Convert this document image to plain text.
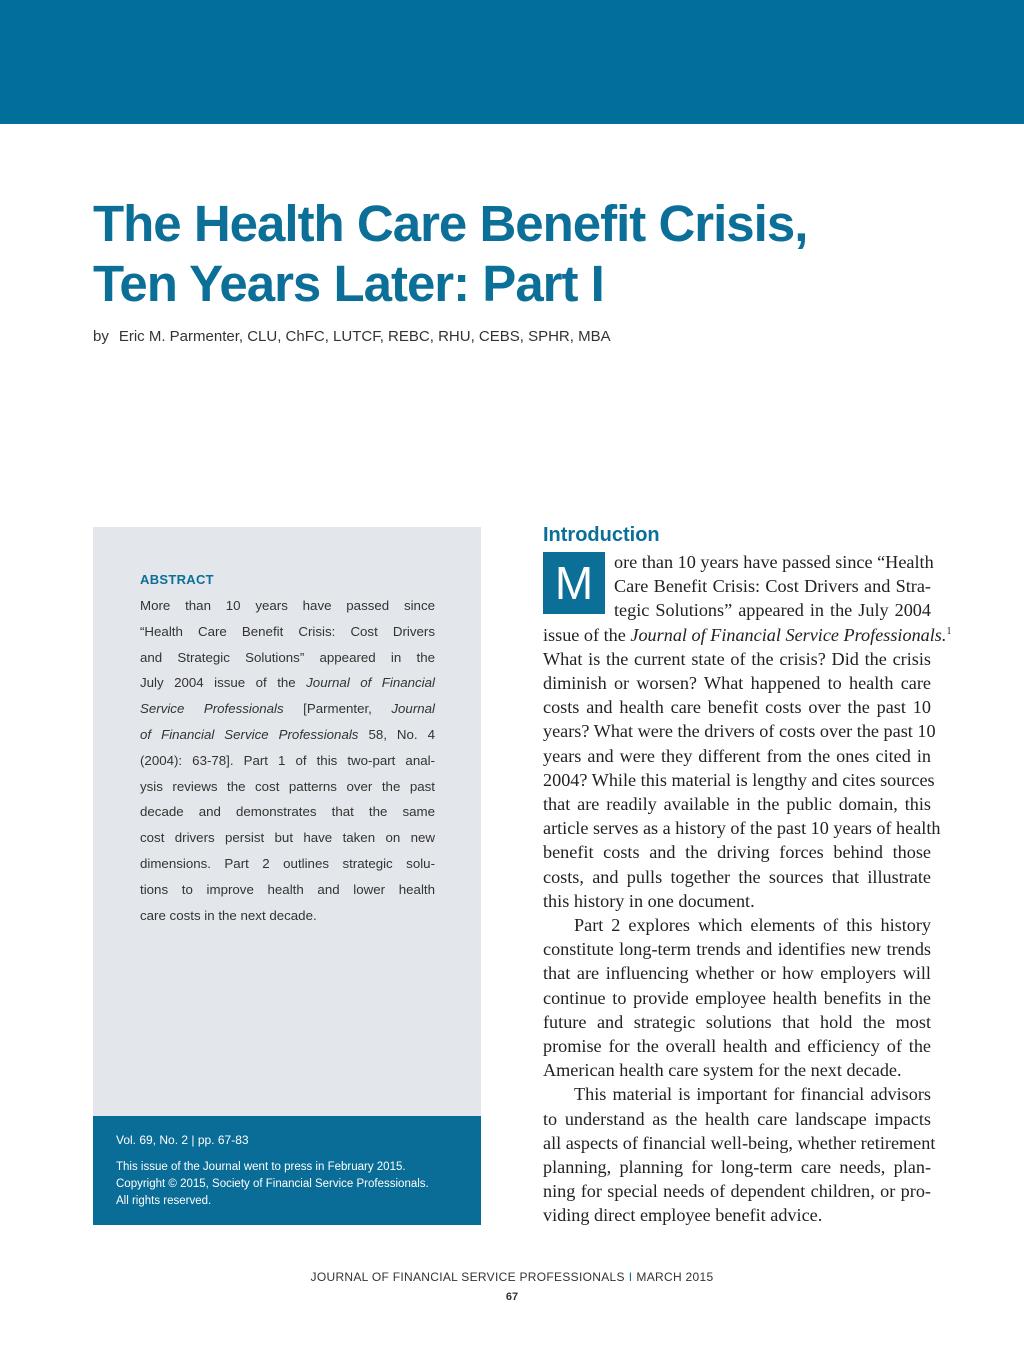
The Health Care Benefit Crisis,
Ten Years Later: Part I
by Eric M. Parmenter, CLU, ChFC, LUTCF, REBC, RHU, CEBS, SPHR, MBA
ABSTRACT
More than 10 years have passed since
“Health Care Benefit Crisis: Cost Drivers
and Strategic Solutions” appeared in the
July 2004 issue of the Journal of Financial
Service Professionals [Parmenter, Journal
of Financial Service Professionals 58, No. 4
(2004): 63-78]. Part 1 of this two-part anal-
ysis reviews the cost patterns over the past
decade and demonstrates that the same
cost drivers persist but have taken on new
dimensions. Part 2 outlines strategic solu-
tions to improve health and lower health
care costs in the next decade.
Vol. 69, No. 2 | pp. 67-83
This issue of the Journal went to press in February 2015.
Copyright © 2015, Society of Financial Service Professionals.
All rights reserved.
Introduction
M	ore than 10 years have passed since “Health
Care Benefit Crisis: Cost Drivers and Stra-
tegic Solutions” appeared in the July 2004
issue of the Journal of Financial Service Professionals.$^1$
What is the current state of the crisis? Did the crisis
diminish or worsen? What happened to health care
costs and health care benefit costs over the past 10
years? What were the drivers of costs over the past 10
years and were they different from the ones cited in
2004? While this material is lengthy and cites sources
that are readily available in the public domain, this
article serves as a history of the past 10 years of health
benefit costs and the driving forces behind those
costs, and pulls together the sources that illustrate
this history in one document.
Part 2 explores which elements of this history
constitute long-term trends and identifies new trends
that are influencing whether or how employers will
continue to provide employee health benefits in the
future and strategic solutions that hold the most
promise for the overall health and efficiency of the
American health care system for the next decade.
This material is important for financial advisors
to understand as the health care landscape impacts
all aspects of financial well-being, whether retirement
planning, planning for long-term care needs, plan-
ning for special needs of dependent children, or pro-
viding direct employee benefit advice.
JOURNAL OF FINANCIAL SERVICE PROFESSIONALS I MARCH 2015
67
